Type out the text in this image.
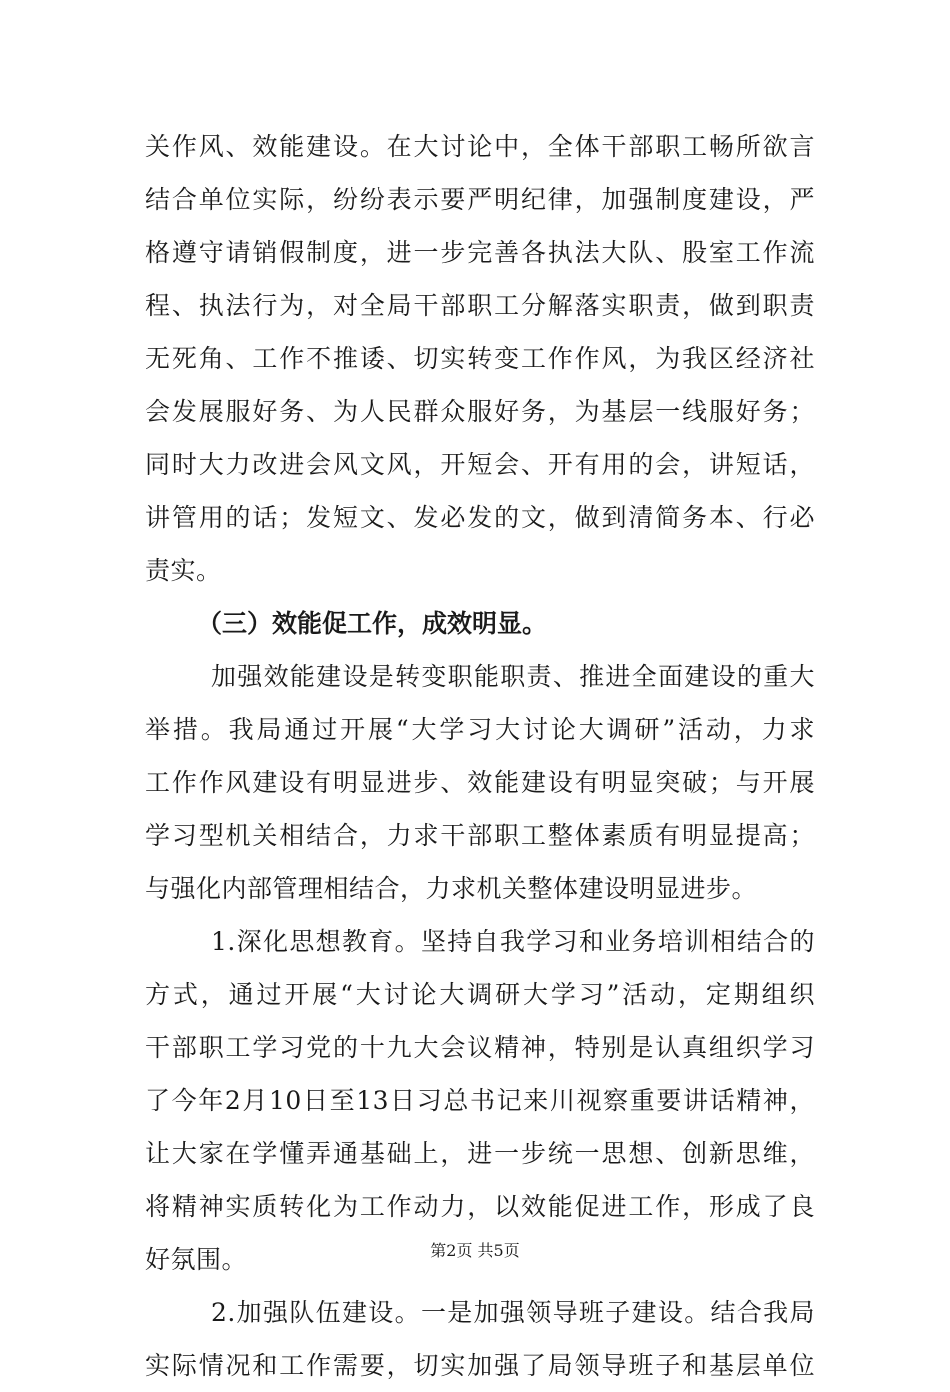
关作风、效能建设。在大讨论中，全体干部职工畅所欲言
结合单位实际，纷纷表示要严明纪律，加强制度建设，严
格遵守请销假制度，进一步完善各执法大队、股室工作流
程、执法行为，对全局干部职工分解落实职责，做到职责
无死角、工作不推诿、切实转变工作作风，为我区经济社
会发展服好务、为人民群众服好务，为基层一线服好务；
同时大力改进会风文风，开短会、开有用的会，讲短话，
讲管用的话；发短文、发必发的文，做到清简务本、行必
责实。
（三）效能促工作，成效明显。
加强效能建设是转变职能职责、推进全面建设的重大
举措。我局通过开展“大学习大讨论大调研”活动，力求
工作作风建设有明显进步、效能建设有明显突破；与开展
学习型机关相结合，力求干部职工整体素质有明显提高；
与强化内部管理相结合，力求机关整体建设明显进步。
1.深化思想教育。坚持自我学习和业务培训相结合的
方式，通过开展“大讨论大调研大学习”活动，定期组织
干部职工学习党的十九大会议精神，特别是认真组织学习
了今年2月10日至13日习总书记来川视察重要讲话精神，
让大家在学懂弄通基础上，进一步统一思想、创新思维，
将精神实质转化为工作动力，以效能促进工作，形成了良
好氛围。
2.加强队伍建设。一是加强领导班子建设。结合我局
实际情况和工作需要，切实加强了局领导班子和基层单位
第2页 共5页
